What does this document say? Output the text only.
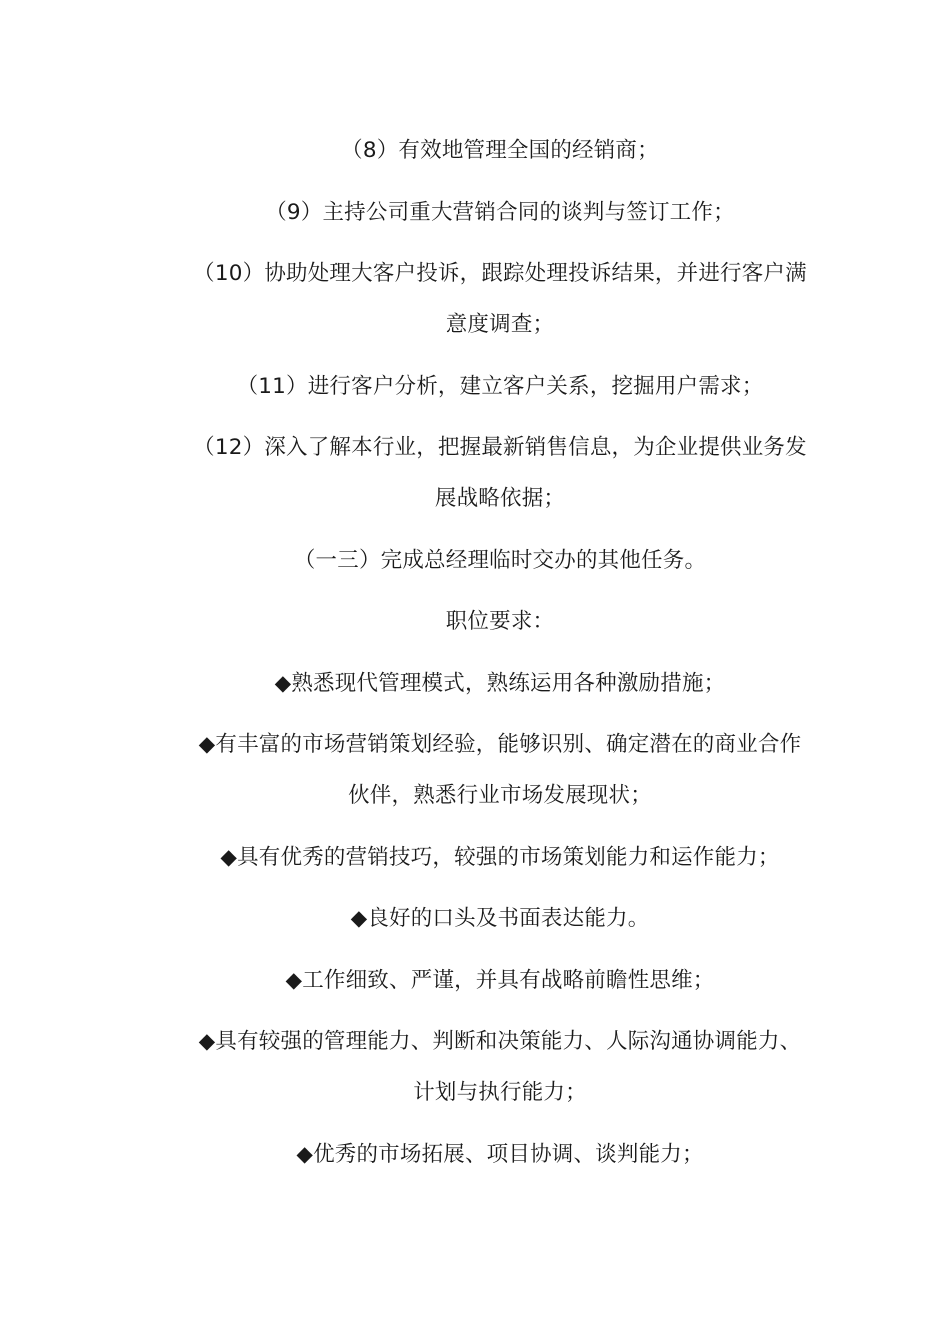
（8）有效地管理全国的经销商；

（9）主持公司重大营销合同的谈判与签订工作；

（10）协助处理大客户投诉，跟踪处理投诉结果，并进行客户满意度调查；

（11）进行客户分析，建立客户关系，挖掘用户需求；

（12）深入了解本行业，把握最新销售信息，为企业提供业务发展战略依据；

（一三）完成总经理临时交办的其他任务。

职位要求：

◆熟悉现代管理模式，熟练运用各种激励措施；

◆有丰富的市场营销策划经验，能够识别、确定潜在的商业合作伙伴，熟悉行业市场发展现状；

◆具有优秀的营销技巧，较强的市场策划能力和运作能力；

◆良好的口头及书面表达能力。

◆工作细致、严谨，并具有战略前瞻性思维；

◆具有较强的管理能力、判断和决策能力、人际沟通协调能力、计划与执行能力；

◆优秀的市场拓展、项目协调、谈判能力；
